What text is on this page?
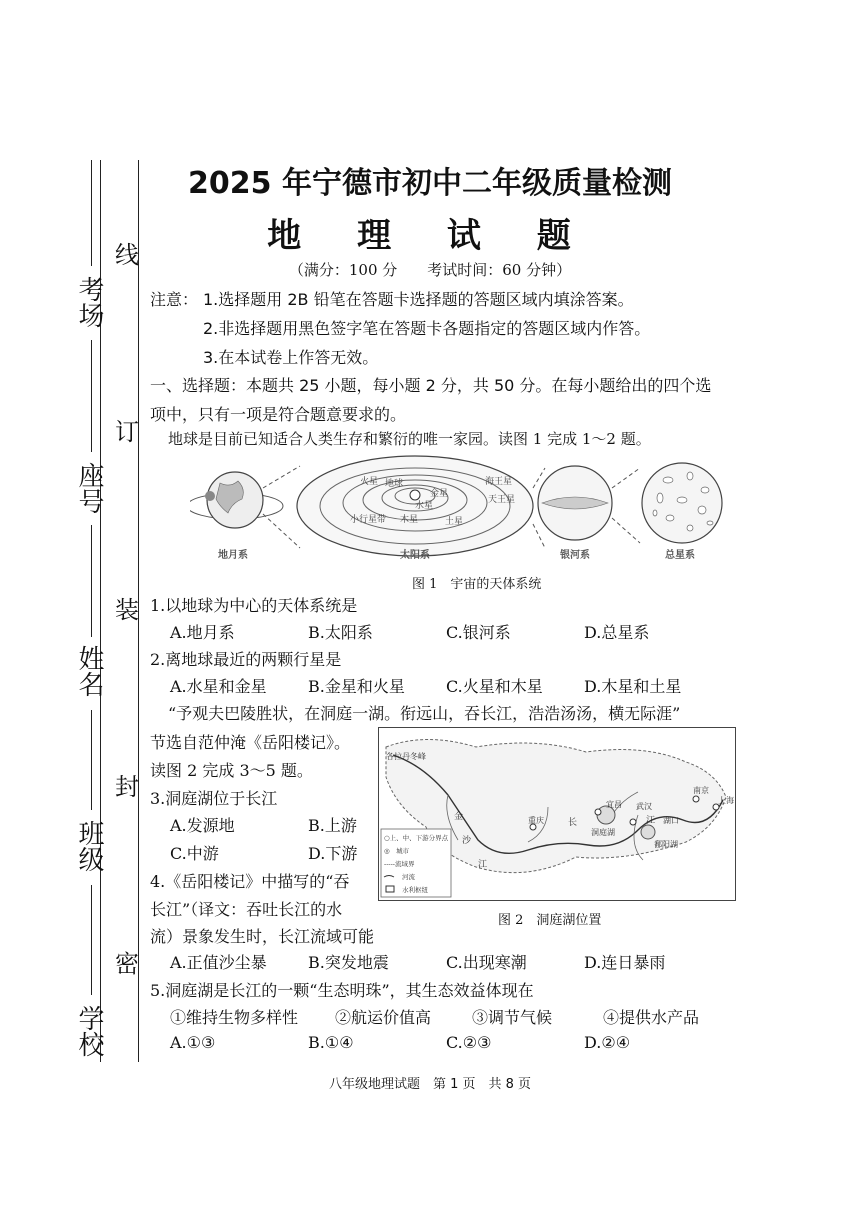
考场
座号
姓名
班级
学校
线
订
装
封
密
2025 年宁德市初中二年级质量检测
地 理 试 题
（满分：100 分　　考试时间：60 分钟）
注意： 1.选择题用 2B 铅笔在答题卡选择题的答题区域内填涂答案。
2.非选择题用黑色签字笔在答题卡各题指定的答题区域内作答。
3.在本试卷上作答无效。
一、选择题：本题共 25 小题，每小题 2 分，共 50 分。在每小题给出的四个选
项中，只有一项是符合题意要求的。
地球是目前已知适合人类生存和繁衍的唯一家园。读图 1 完成 1～2 题。
火星 地球
金星
水星
小行星带 木星	土星
海王星
天王星
地月系	太阳系	银河系	总星系
图 1　宇宙的天体系统
1.以地球为中心的天体系统是
A.地月系	B.太阳系	C.银河系	D.总星系
2.离地球最近的两颗行星是
A.水星和金星	B.金星和火星	C.火星和木星	D.木星和土星
“予观夫巴陵胜状，在洞庭一湖。衔远山，吞长江，浩浩汤汤，横无际涯”
节选自范仲淹《岳阳楼记》。
读图 2 完成 3～5 题。
3.洞庭湖位于长江
A.发源地	B.上游
C.中游	D.下游
各拉丹冬峰
金
沙
江
重庆	长
宜昌 武汉
江 湖口
南京
上海
洞庭湖
鄱阳湖
○上、中、下游分界点
◎　城市
-----流域界
河流
水利枢纽
图 2　洞庭湖位置
4.《岳阳楼记》中描写的“吞
长江”（译文：吞吐长江的水
流）景象发生时，长江流域可能
A.正值沙尘暴	B.突发地震	C.出现寒潮	D.连日暴雨
5.洞庭湖是长江的一颗“生态明珠”，其生态效益体现在
①维持生物多样性 ②航运价值高	③调节气候	④提供水产品
A.①③	B.①④	C.②③	D.②④
八年级地理试题　第 1 页　共 8 页
